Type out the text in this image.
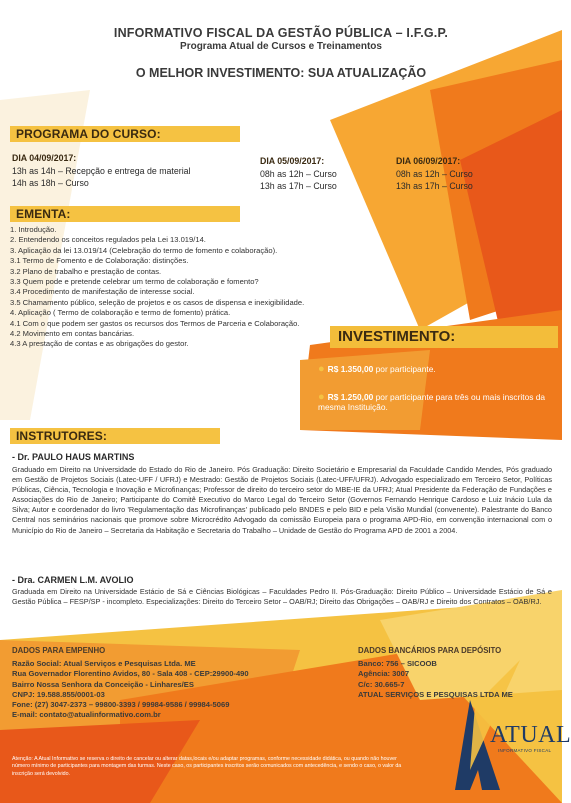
INFORMATIVO FISCAL DA GESTÃO PÚBLICA – I.F.G.P.
Programa Atual de Cursos e Treinamentos
O MELHOR INVESTIMENTO: SUA ATUALIZAÇÃO
PROGRAMA DO CURSO:
DIA 04/09/2017:
13h as 14h – Recepção e entrega de material
14h as 18h – Curso
DIA 05/09/2017:
08h as 12h – Curso
13h as 17h – Curso
DIA 06/09/2017:
08h as 12h – Curso
13h as 17h – Curso
EMENTA:

1. Introdução.

2. Entendendo os conceitos regulados pela Lei 13.019/14.

3. Aplicação da lei 13.019/14 (Celebração do termo de fomento e colaboração).

3.1 Termo de Fomento e de Colaboração: distinções.

3.2 Plano de trabalho e prestação de contas.

3.3 Quem pode e pretende celebrar um termo de colaboração e fomento?

3.4 Procedimento de manifestação de interesse social.

3.5 Chamamento público, seleção de projetos e os casos de dispensa e inexigibilidade.

4. Aplicação ( Termo de colaboração e termo de fomento) prática.

4.1 Com o que podem ser gastos os recursos dos Termos de Parceria e Colaboração.

4.2 Movimento em contas bancárias.

4.3 A prestação de contas e as obrigações do gestor.	INVESTIMENTO:
● R$ 1.350,00 por participante.
● R$ 1.250,00 por participante para três ou mais inscritos da mesma Instituição.
INSTRUTORES:
- Dr. PAULO HAUS MARTINS
Graduado em Direito na Universidade do Estado do Rio de Janeiro. Pós Graduação: Direito Societário e Empresarial da Faculdade Candido Mendes, Pós graduado em Gestão de Projetos Sociais (Latec-UFF / UFRJ) e Mestrado: Gestão de Projetos Sociais (Latec-UFF/UFRJ). Advogado especializado em Terceiro Setor, Políticas Públicas, Ciência, Tecnologia e Inovação e Microfinanças; Professor de direito do terceiro setor do MBE-IE da UFRJ; Atual Presidente da Federação de Fundações e Associações do Rio de Janeiro; Participante do Comitê Executivo do Marco Legal do Terceiro Setor (Governos Fernando Henrique Cardoso e Luiz Inácio Lula da Silva; Autor e coordenador do livro 'Regulamentação das Microfinanças' publicado pelo BNDES e pelo BID e pela Visão Mundial (convenente). Palestrante do Banco Central nos seminários nacionais que promove sobre Microcrédito Advogado da comissão Europeia para o programa APD-Rio, em convenção internacional com o Município do Rio de Janeiro – Secretaria da Habitação e Secretaria do Trabalho – Unidade de Gestão do Programa APD de 2001 a 2004.
- Dra. CARMEN L.M. AVOLIO
Graduada em Direito na Universidade Estácio de Sá e Ciências Biológicas – Faculdades Pedro II. Pós-Graduação: Direito Público – Universidade Estácio de Sá e Gestão Pública – FESP/SP - incompleto. Especializações: Direito do Terceiro Setor – OAB/RJ; Direito das Obrigações – OAB/RJ e Direito dos Contratos – OAB/RJ.
DADOS PARA EMPENHO
Razão Social: Atual Serviços e Pesquisas Ltda. ME
Rua Governador Florentino Avidos, 80 - Sala 408 - CEP:29900-490
Bairro Nossa Senhora da Conceição - Linhares/ES
CNPJ: 19.588.855/0001-03
Fone: (27) 3047-2373 – 99800-3393 / 99984-9586 / 99984-5069
E-mail: contato@atualinformativo.com.br
DADOS BANCÁRIOS PARA DEPÓSITO
Banco: 756 – SICOOB
Agência: 3007
C/c: 30.665-7
ATUAL SERVIÇOS E PESQUISAS LTDA ME
Atenção: A Atual Informativo se reserva o direito de cancelar ou alterar datas,locais e/ou adaptar programas, conforme necessidade didática, ou quando não houver número mínimo de participantes para montagem das turmas. Neste caso, os participantes inscritos serão comunicados com antecedência, e sendo o caso, o valor da inscrição será devolvido.
ATUAL
INFORMATIVO FISCAL
